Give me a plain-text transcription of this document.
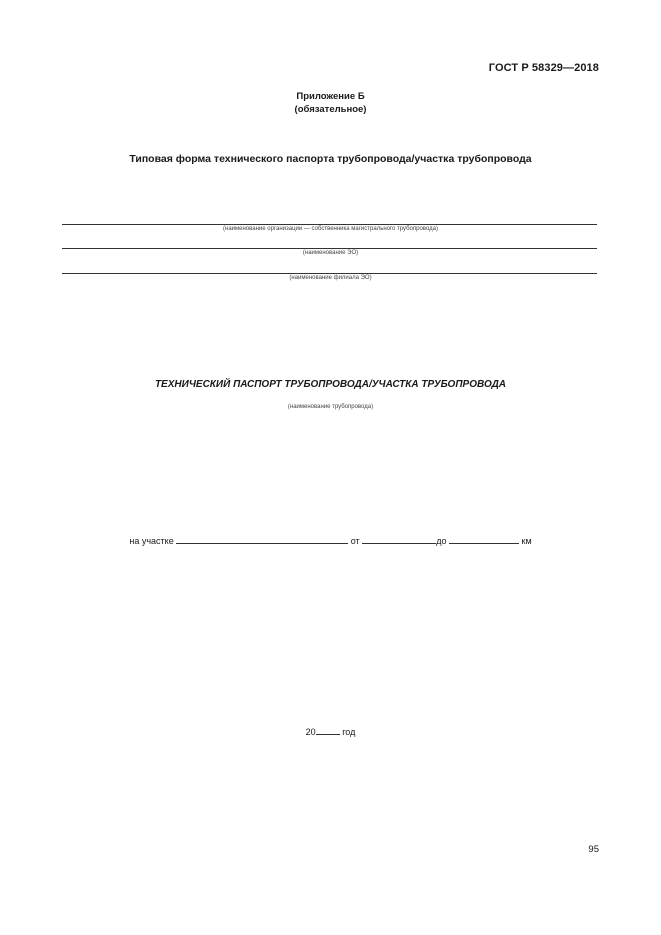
ГОСТ Р 58329—2018
Приложение Б
(обязательное)
Типовая форма технического паспорта трубопровода/участка трубопровода
(наименование организации — собственника магистрального трубопровода)
(наименование ЭО)
(наименование филиала ЭО)
ТЕХНИЧЕСКИЙ ПАСПОРТ ТРУБОПРОВОДА/УЧАСТКА ТРУБОПРОВОДА
(наименование трубопровода)
на участке	от	до	км
20	год
95
